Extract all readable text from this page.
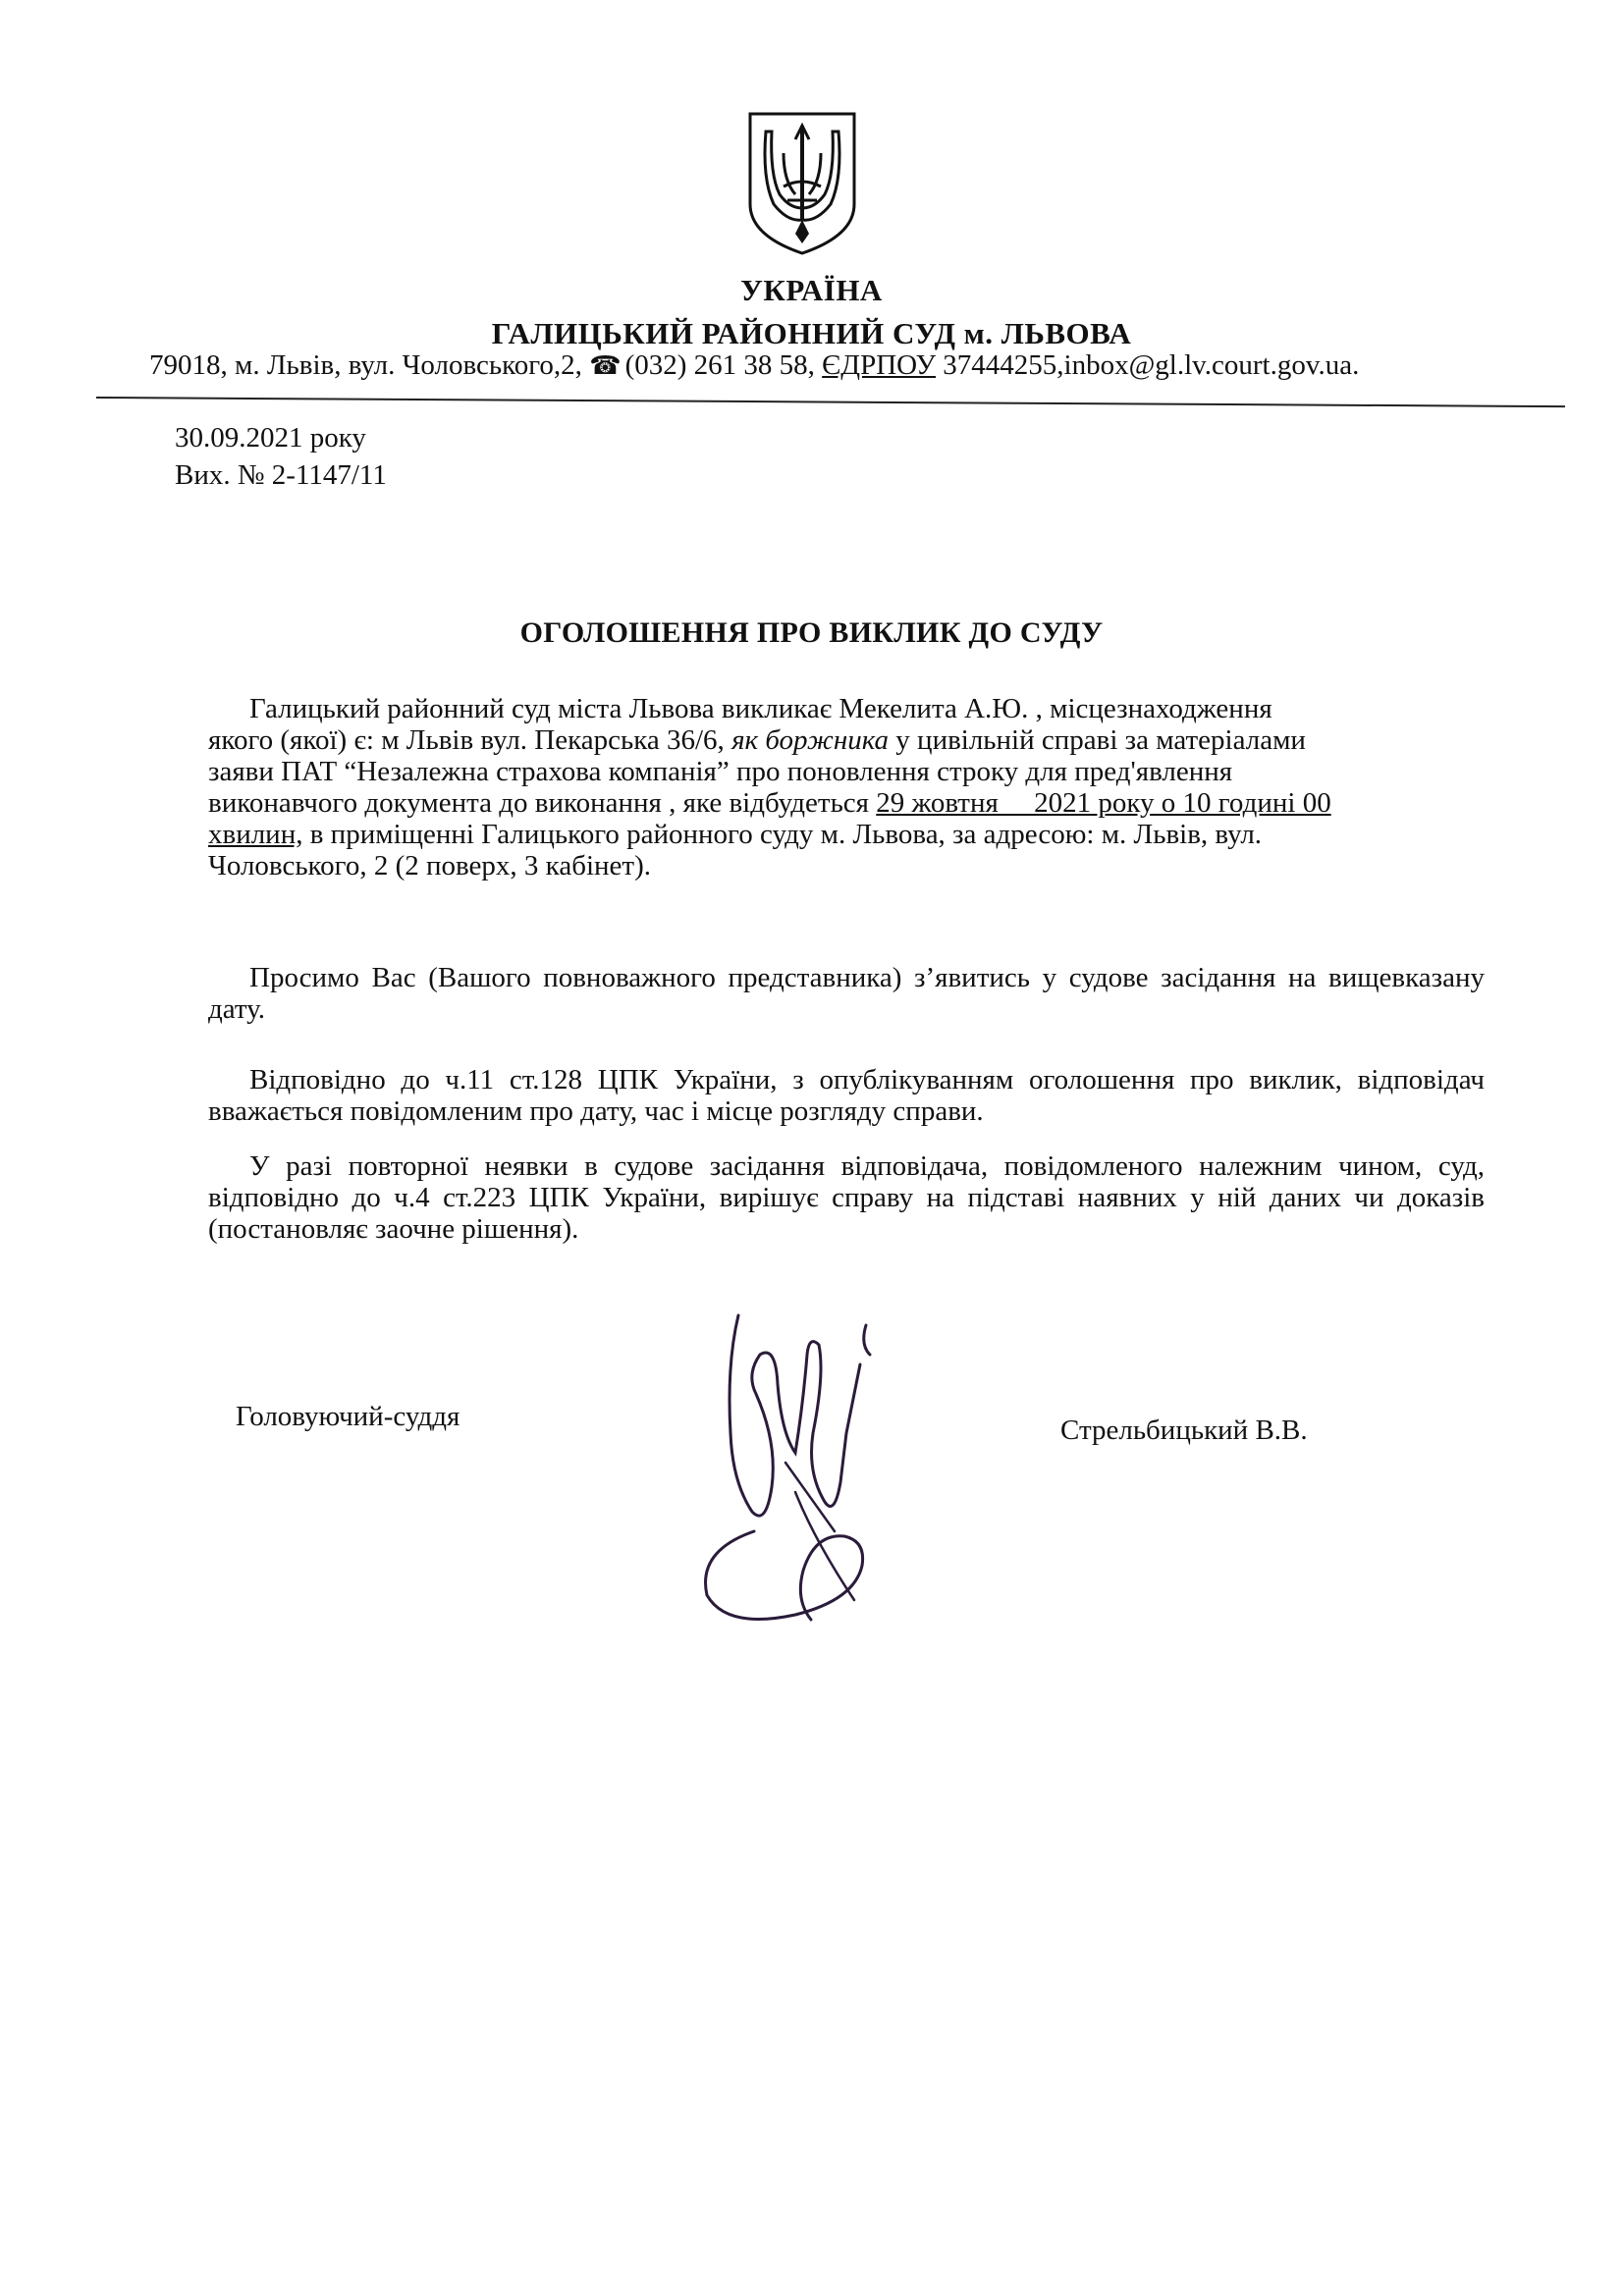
УКРАЇНА
ГАЛИЦЬКИЙ РАЙОННИЙ СУД м. ЛЬВОВА
79018, м. Львів, вул. Чоловського,2, ☎ (032) 261 38 58, ЄДРПОУ 37444255,inbox@gl.lv.court.gov.ua.
30.09.2021 року
Вих. № 2-1147/11
ОГОЛОШЕННЯ ПРО ВИКЛИК ДО СУДУ
Галицький районний суд міста Львова викликає Мекелита А.Ю. , місцезнаходження
якого (якої) є: м Львів вул. Пекарська 36/6, як боржника у цивільній справі за матеріалами
заяви ПАТ “Незалежна страхова компанія” про поновлення строку для пред'явлення
виконавчого документа до виконання , яке відбудеться 29 жовтня     2021 року о 10 годині 00
хвилин, в приміщенні Галицького районного суду м. Львова, за адресою: м. Львів, вул.
Чоловського, 2 (2 поверх, 3 кабінет).
Просимо Вас (Вашого повноважного представника) з’явитись у судове засідання на вищевказану дату.
Відповідно до ч.11 ст.128 ЦПК України, з опублікуванням оголошення про виклик, відповідач вважається повідомленим про дату, час і місце розгляду справи.
У разі повторної неявки в судове засідання відповідача, повідомленого належним чином, суд, відповідно до ч.4 ст.223 ЦПК України, вирішує справу на підставі наявних у ній даних чи доказів (постановляє заочне рішення).
Головуючий-суддя	Стрельбицький В.В.
